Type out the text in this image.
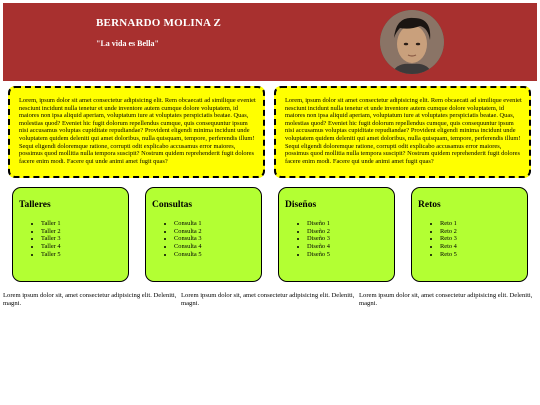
BERNARDO MOLINA Z
"La vida es Bella"

Lorem, ipsum dolor sit amet consectetur adipisicing elit. Rem obcaecati ad similique eveniet nesciunt incidunt nulla tenetur et unde inventore autem cumque dolore voluptatem, id maiores non ipsa aliquid aperiam, voluptatum iure at voluptates perspiciatis beatae. Quas, molestias quod? Eveniet hic fugit dolorum repellendus cumque, quis consequuntur ipsum nisi accusamus voluptas cupiditate repudiandae? Provident eligendi minima incidunt unde voluptatem quidem deleniti qui amet doloribus, nulla quisquam, tempore, perferendis illum! Sequi eligendi doloremque ratione, corrupti odit explicabo accusamus error maiores, possimus quod mollitia nulla tempora suscipit? Nostrum quidem reprehenderit fugit dolores facere enim modi. Facere qui unde animi amet fugit quas?

Lorem, ipsum dolor sit amet consectetur adipisicing elit. Rem obcaecati ad similique eveniet nesciunt incidunt nulla tenetur et unde inventore autem cumque dolore voluptatem, id maiores non ipsa aliquid aperiam, voluptatum iure at voluptates perspiciatis beatae. Quas, molestias quod? Eveniet hic fugit dolorum repellendus cumque, quis consequuntur ipsum nisi accusamus voluptas cupiditate repudiandae? Provident eligendi minima incidunt unde voluptatem quidem deleniti qui amet doloribus, nulla quisquam, tempore, perferendis illum! Sequi eligendi doloremque ratione, corrupti odit explicabo accusamus error maiores, possimus quod mollitia nulla tempora suscipit? Nostrum quidem reprehenderit fugit dolores facere enim modi. Facere qui unde animi amet fugit quas?

Talleres
• Taller 1
• Taller 2
• Taller 3
• Taller 4
• Taller 5
Consultas
• Consulta 1
• Consulta 2
• Consulta 3
• Consulta 4
• Consulta 5
Diseños
• Diseño 1
• Diseño 2
• Diseño 3
• Diseño 4
• Diseño 5
Retos
• Reto 1
• Reto 2
• Reto 3
• Reto 4
• Reto 5
Lorem ipsum dolor sit, amet consectetur adipisicing elit. Deleniti, magni.
Lorem ipsum dolor sit, amet consectetur adipisicing elit. Deleniti, magni.
Lorem ipsum dolor sit, amet consectetur adipisicing elit. Deleniti, magni.
